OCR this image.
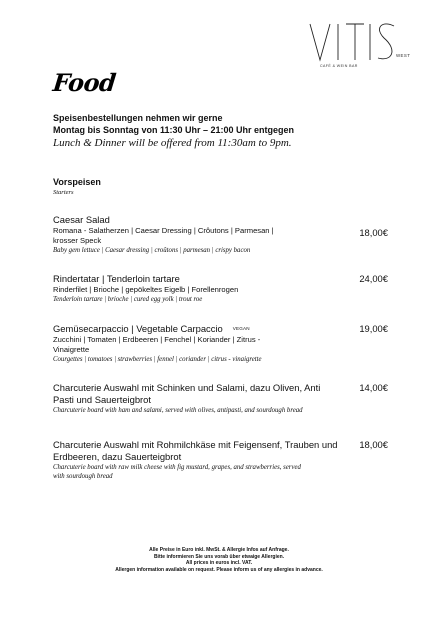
WEST
CAFÉ & WEIN BAR
Food
Speisenbestellungen nehmen wir gerne
Montag bis Sonntag von 11:30 Uhr – 21:00 Uhr entgegen
Lunch & Dinner will be offered from 11:30am to 9pm.
Vorspeisen
Starters
Caesar Salad
Romana - Salatherzen | Caesar Dressing | Crôutons | Parmesan | krosser Speck
Baby gem lettuce | Caesar dressing | croûtons | parmesan | crispy bacon
18,00€
Rindertatar | Tenderloin tartare
Rinderfilet | Brioche | gepökeltes Eigelb | Forellenrogen
Tenderloin tartare | brioche | cured egg yolk | trout roe
24,00€
Gemüsecarpaccio | Vegetable Carpaccio $^{VEGAN}$
Zucchini | Tomaten | Erdbeeren | Fenchel | Koriander | Zitrus - Vinaigrette
Courgettes | tomatoes | strawberries | fennel | coriander | citrus - vinaigrette
19,00€
Charcuterie Auswahl mit Schinken und Salami, dazu Oliven, Anti Pasti und Sauerteigbrot
Charcuterie board with ham and salami, served with olives, antipasti, and sourdough bread
14,00€
Charcuterie Auswahl mit Rohmilchkäse mit Feigensenf, Trauben und Erdbeeren, dazu Sauerteigbrot
Charcuterie board with raw milk cheese with fig mustard, grapes, and strawberries, served with sourdough bread
18,00€
Alle Preise in Euro inkl. MwSt. & Allergie Infos auf Anfrage.
Bitte informieren Sie uns vorab über etwaige Allergien.
All prices in euros incl. VAT.
Allergen information available on request. Please inform us of any allergies in advance.
